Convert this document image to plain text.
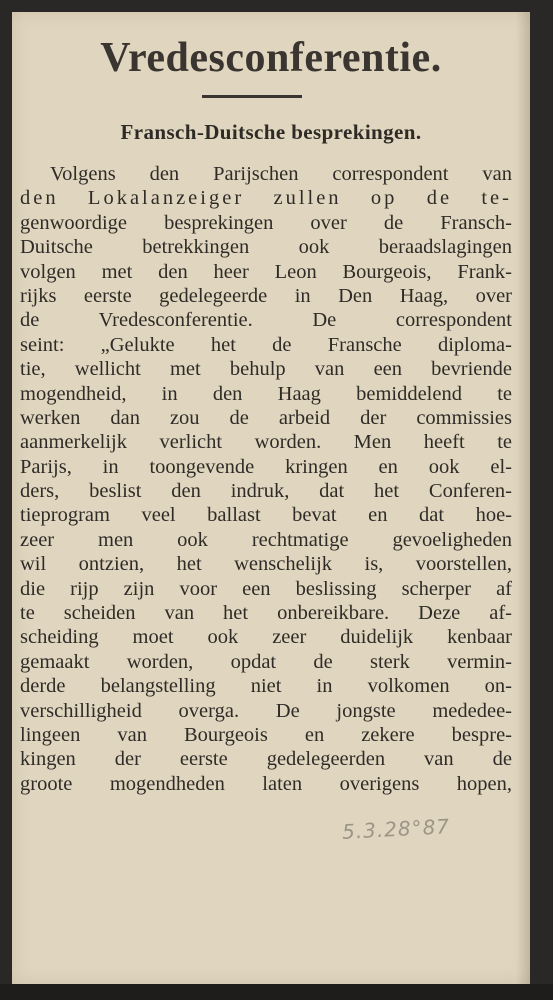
Vredesconferentie.
Fransch-Duitsche besprekingen.
Volgens den Parijschen correspondent van
den Lokalanzeiger zullen op de te-
genwoordige besprekingen over de Fransch-
Duitsche betrekkingen ook beraadslagingen
volgen met den heer Leon Bourgeois, Frank-
rijks eerste gedelegeerde in Den Haag, over
de Vredesconferentie. De correspondent
seint: „Gelukte het de Fransche diploma-
tie, wellicht met behulp van een bevriende
mogendheid, in den Haag bemiddelend te
werken dan zou de arbeid der commissies
aanmerkelijk verlicht worden. Men heeft te
Parijs, in toongevende kringen en ook el-
ders, beslist den indruk, dat het Conferen-
tieprogram veel ballast bevat en dat hoe-
zeer men ook rechtmatige gevoeligheden
wil ontzien, het wenschelijk is, voorstellen,
die rijp zijn voor een beslissing scherper af
te scheiden van het onbereikbare. Deze af-
scheiding moet ook zeer duidelijk kenbaar
gemaakt worden, opdat de sterk vermin-
derde belangstelling niet in volkomen on-
verschilligheid overga. De jongste mededee-
lingeen van Bourgeois en zekere bespre-
kingen der eerste gedelegeerden van de
groote mogendheden laten overigens hopen,
5.3.28°87
